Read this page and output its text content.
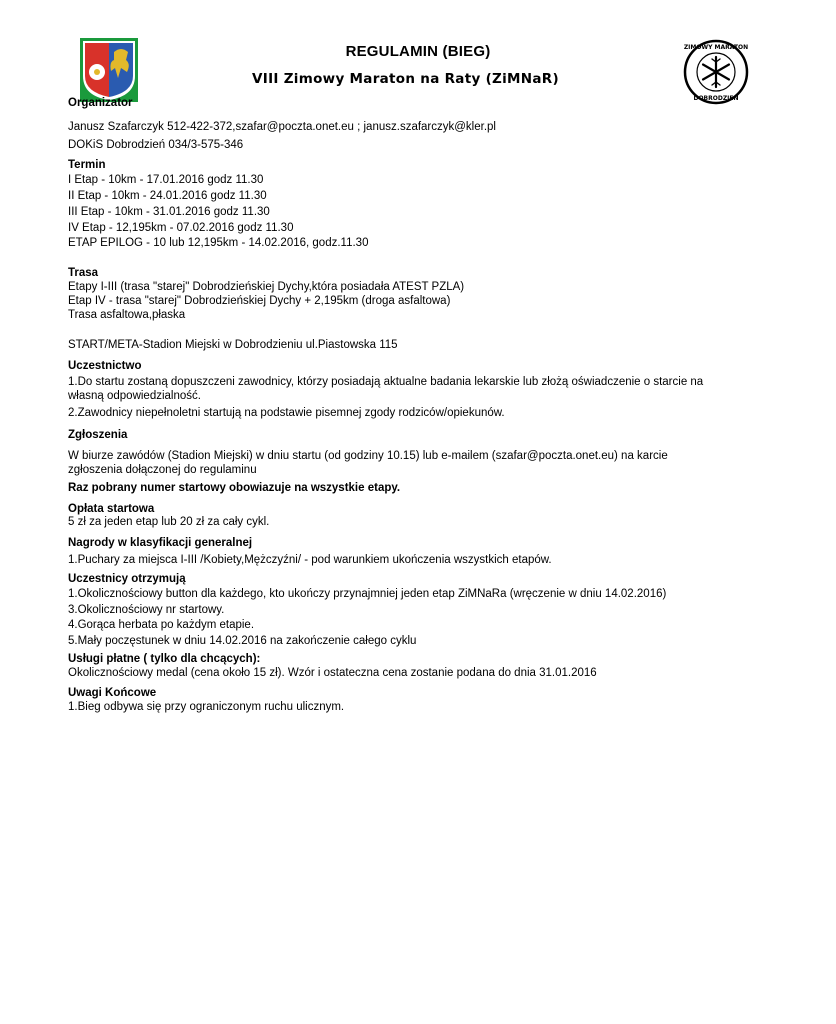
ZIMOWY MARATON
DOBRODZIEŃ
REGULAMIN (BIEG)
VIII Zimowy Maraton na Raty (ZiMNaR)
Organizator
Janusz Szafarczyk 512-422-372,szafar@poczta.onet.eu ; janusz.szafarczyk@kler.pl
DOKiS Dobrodzień 034/3-575-346
Termin
I Etap - 10km - 17.01.2016 godz 11.30
II Etap - 10km - 24.01.2016 godz 11.30
III Etap - 10km - 31.01.2016 godz 11.30
IV Etap - 12,195km - 07.02.2016 godz 11.30
ETAP EPILOG - 10 lub 12,195km - 14.02.2016, godz.11.30
Trasa
Etapy I-III (trasa "starej" Dobrodzieńskiej Dychy,która posiadała ATEST PZLA)
Etap IV - trasa "starej" Dobrodzieńskiej Dychy + 2,195km (droga asfaltowa)
Trasa asfaltowa,płaska
START/META-Stadion Miejski w Dobrodzieniu ul.Piastowska 115
Uczestnictwo
1.Do startu zostaną dopuszczeni zawodnicy, którzy posiadają aktualne badania lekarskie lub złożą oświadczenie o starcie na
własną odpowiedzialność.
2.Zawodnicy niepełnoletni startują na podstawie pisemnej zgody rodziców/opiekunów.
Zgłoszenia
W biurze zawódów (Stadion Miejski) w dniu startu (od godziny 10.15) lub e-mailem (szafar@poczta.onet.eu) na karcie
zgłoszenia dołączonej do regulaminu
Raz pobrany numer startowy obowiazuje na wszystkie etapy.
Opłata startowa
5 zł za jeden etap lub 20 zł za cały cykl.
Nagrody w klasyfikacji generalnej
1.Puchary za miejsca I-III /Kobiety,Mężczyźni/ - pod warunkiem ukończenia wszystkich etapów.
Uczestnicy otrzymują
1.Okolicznościowy button dla każdego, kto ukończy przynajmniej jeden etap ZiMNaRa (wręczenie w dniu 14.02.2016)
3.Okolicznościowy nr startowy.
4.Gorąca herbata po każdym etapie.
5.Mały poczęstunek w dniu 14.02.2016 na zakończenie całego cyklu
Usługi płatne ( tylko dla chcących):
Okolicznościowy medal (cena około 15 zł). Wzór i ostateczna cena zostanie podana do dnia 31.01.2016
Uwagi Końcowe
1.Bieg odbywa się przy ograniczonym ruchu ulicznym.
